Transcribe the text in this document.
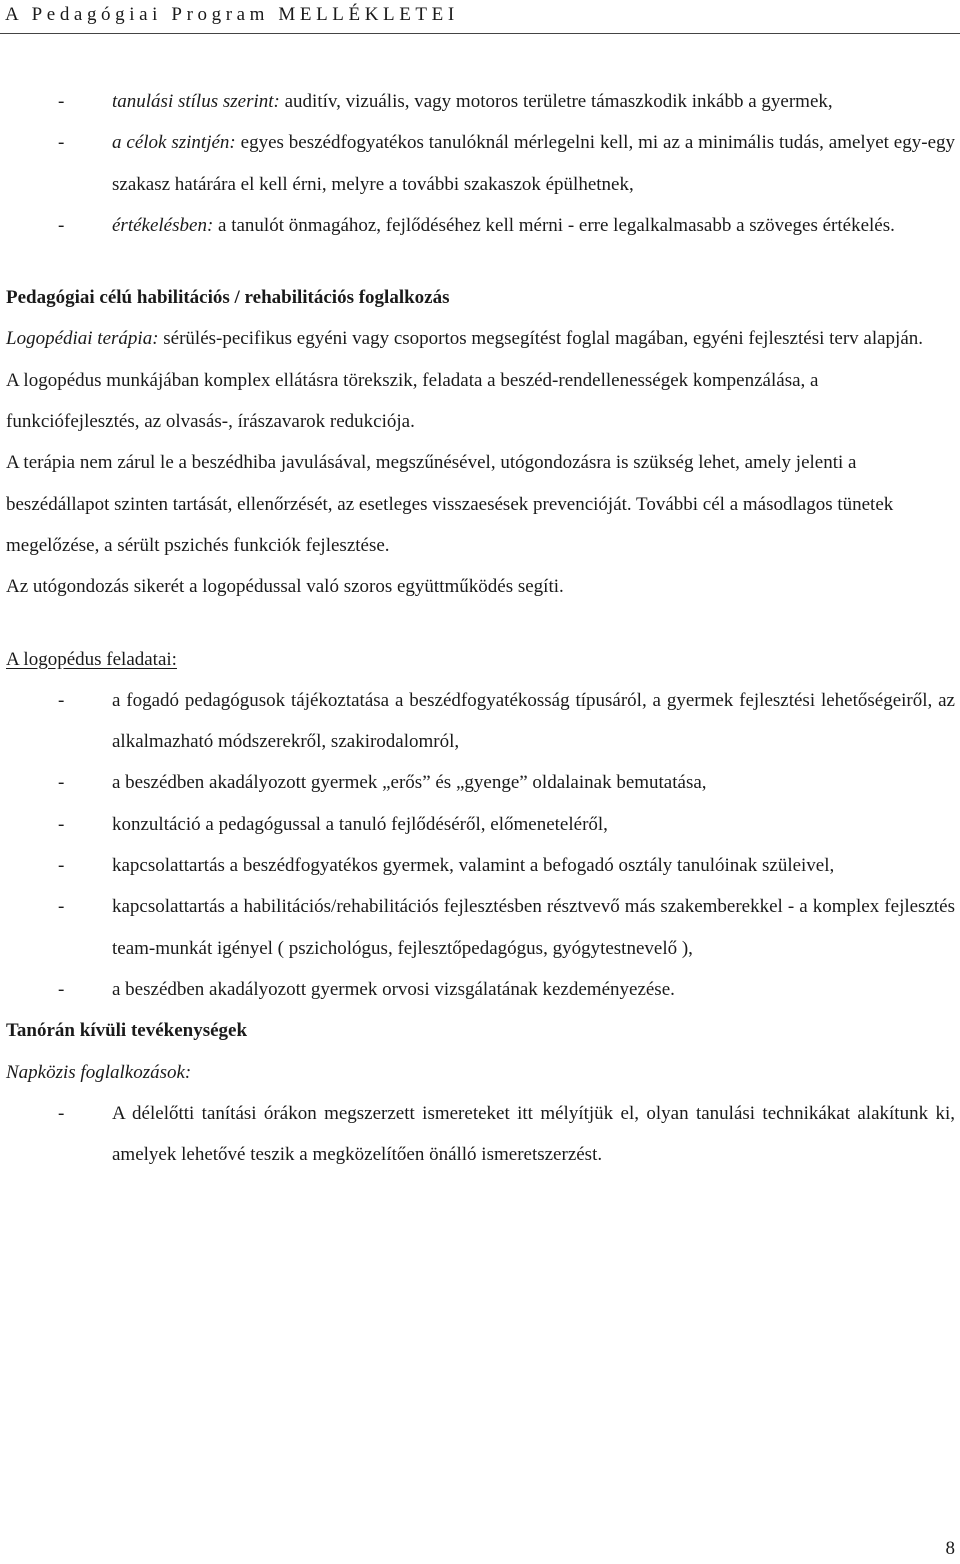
A Pedagógiai Program MELLÉKLETEI
-	tanulási stílus szerint: auditív, vizuális, vagy motoros területre támaszkodik inkább a gyermek,
-	a célok szintjén: egyes beszédfogyatékos tanulóknál mérlegelni kell, mi az a minimális tudás, amelyet egy-egy szakasz határára el kell érni, melyre a további szakaszok épülhetnek,
-	értékelésben: a tanulót önmagához, fejlődéséhez kell mérni - erre legalkalmasabb a szöveges értékelés.

Pedagógiai célú habilitációs / rehabilitációs foglalkozás

Logopédiai terápia: sérülés-pecifikus egyéni vagy csoportos megsegítést foglal magában, egyéni fejlesztési terv alapján.

A logopédus munkájában komplex ellátásra törekszik, feladata a beszéd-rendellenességek kompenzálása, a funkciófejlesztés, az olvasás-, írászavarok redukciója.

A terápia nem zárul le a beszédhiba javulásával, megszűnésével, utógondozásra is szükség lehet, amely jelenti a beszédállapot szinten tartását, ellenőrzését, az esetleges visszaesések prevencióját. További cél a másodlagos tünetek megelőzése, a sérült pszichés funkciók fejlesztése.

Az utógondozás sikerét a logopédussal való szoros együttműködés segíti.

A logopédus feladatai:

-	a fogadó pedagógusok tájékoztatása a beszédfogyatékosság típusáról, a gyermek fejlesztési lehetőségeiről, az alkalmazható módszerekről, szakirodalomról,
-	a beszédben akadályozott gyermek „erős” és „gyenge” oldalainak bemutatása,
-	konzultáció a pedagógussal a tanuló fejlődéséről, előmeneteléről,
-	kapcsolattartás a beszédfogyatékos gyermek, valamint a befogadó osztály tanulóinak szüleivel,
-	kapcsolattartás a habilitációs/rehabilitációs fejlesztésben résztvevő más szakemberekkel - a komplex fejlesztés team-munkát igényel ( pszichológus, fejlesztőpedagógus, gyógytestnevelő ),
-	a beszédben akadályozott gyermek orvosi vizsgálatának kezdeményezése.

Tanórán kívüli tevékenységek

Napközis foglalkozások:

-	A délelőtti tanítási órákon megszerzett ismereteket itt mélyítjük el, olyan tanulási technikákat alakítunk ki, amelyek lehetővé teszik a megközelítően önálló ismeretszerzést.
8
